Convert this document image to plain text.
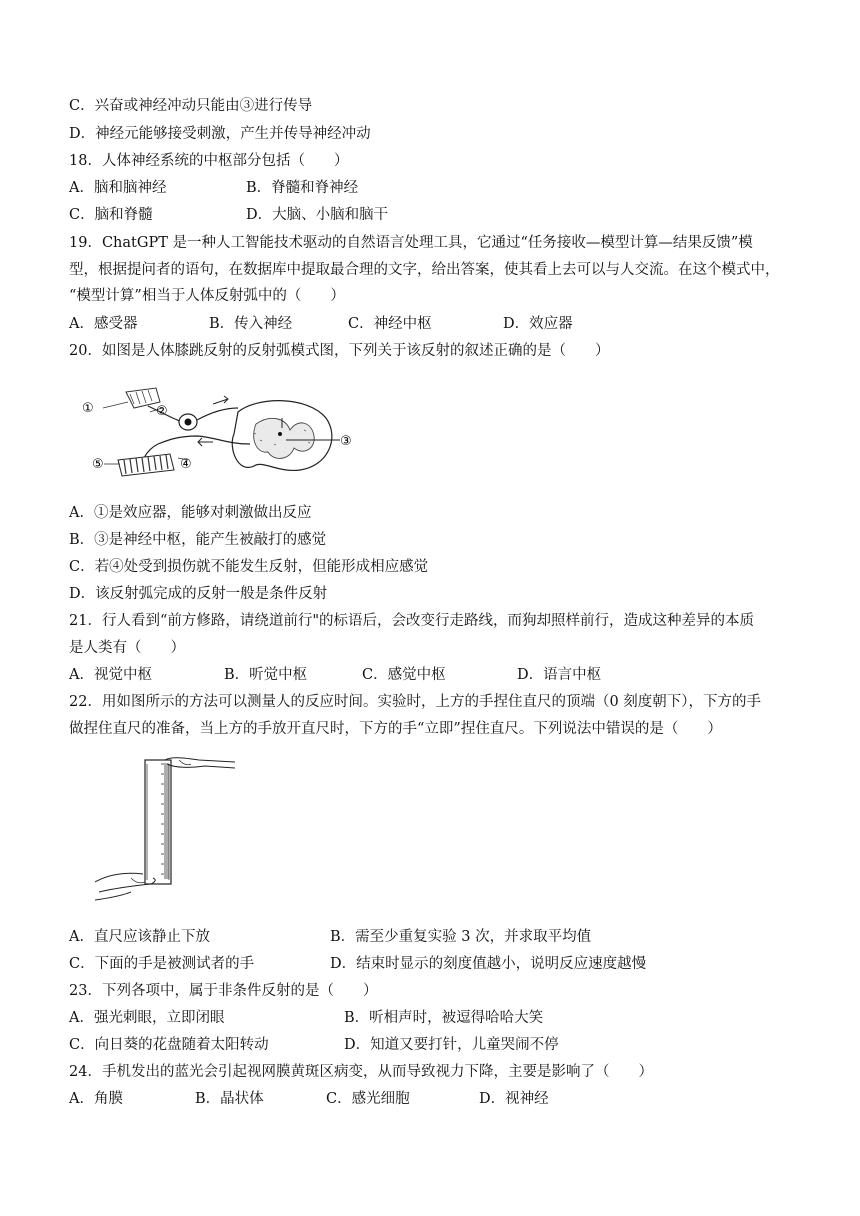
C．兴奋或神经冲动只能由③进行传导
D．神经元能够接受刺激，产生并传导神经冲动
18．人体神经系统的中枢部分包括（　　）
A．脑和脑神经	B．脊髓和脊神经
C．脑和脊髓	D．大脑、小脑和脑干
19．ChatGPT 是一种人工智能技术驱动的自然语言处理工具，它通过“任务接收—模型计算—结果反馈”模
型，根据提问者的语句，在数据库中提取最合理的文字，给出答案，使其看上去可以与人交流。在这个模式中，
“模型计算”相当于人体反射弧中的（　　）
A．感受器	B．传入神经	C．神经中枢	D．效应器
20．如图是人体膝跳反射的反射弧模式图，下列关于该反射的叙述正确的是（　　）
①	②
③
④
⑤
A．①是效应器，能够对刺激做出反应
B．③是神经中枢，能产生被敲打的感觉
C．若④处受到损伤就不能发生反射，但能形成相应感觉
D．该反射弧完成的反射一般是条件反射
21．行人看到“前方修路，请绕道前行"的标语后，会改变行走路线，而狗却照样前行，造成这种差异的本质
是人类有（　　）
A．视觉中枢	B．听觉中枢	C．感觉中枢	D．语言中枢
22．用如图所示的方法可以测量人的反应时间。实验时，上方的手捏住直尺的顶端（0 刻度朝下），下方的手
做捏住直尺的准备，当上方的手放开直尺时，下方的手“立即”捏住直尺。下列说法中错误的是（　　）
A．直尺应该静止下放	B．需至少重复实验 3 次，并求取平均值
C．下面的手是被测试者的手	D．结束时显示的刻度值越小，说明反应速度越慢
23．下列各项中，属于非条件反射的是（　　）
A．强光刺眼，立即闭眼	B．听相声时，被逗得哈哈大笑
C．向日葵的花盘随着太阳转动	D．知道又要打针，儿童哭闹不停
24．手机发出的蓝光会引起视网膜黄斑区病变，从而导致视力下降，主要是影响了（　　）
A．角膜	B．晶状体	C．感光细胞	D．视神经
